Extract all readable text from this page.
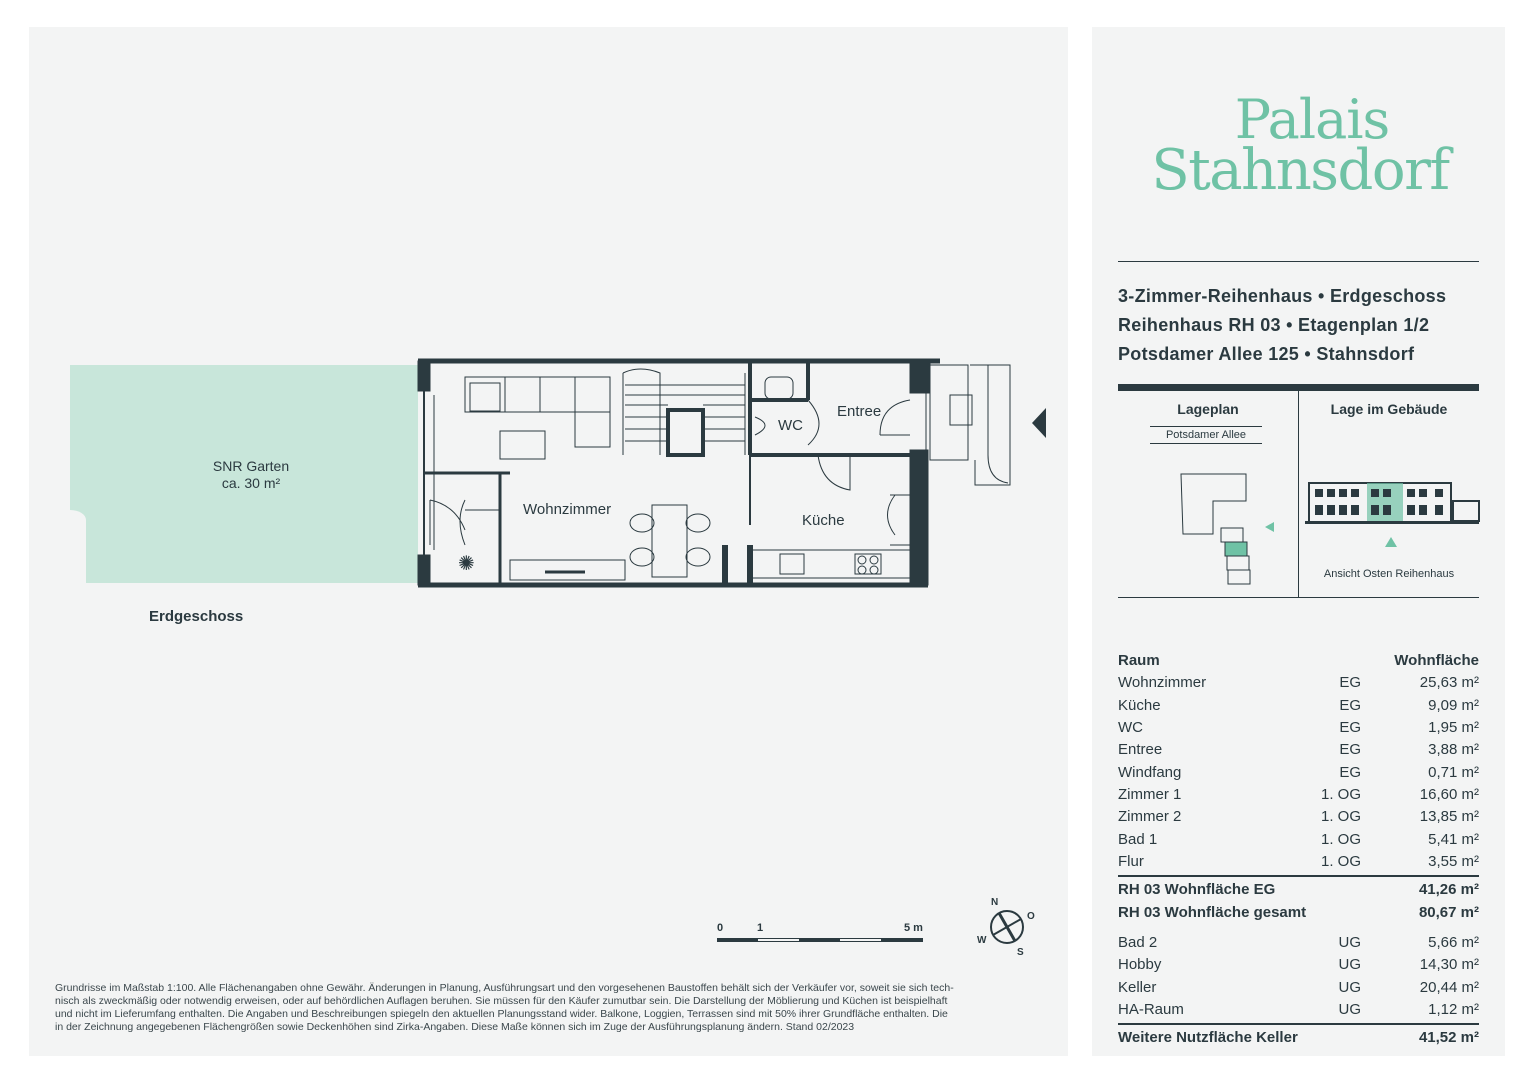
SNR Garten
ca. 30 m²
✺
Wohnzimmer
Küche
WC
Entree
Erdgeschoss
0	1	5 m
N
O
S
W
Grundrisse im Maßstab 1:100. Alle Flächenangaben ohne Gewähr. Änderungen in Planung, Ausführungsart und den vorgesehenen Baustoffen behält sich der Verkäufer vor, soweit sie sich tech-
nisch als zweckmäßig oder notwendig erweisen, oder auf behördlichen Auflagen beruhen. Sie müssen für den Käufer zumutbar sein. Die Darstellung der Möblierung und Küchen ist beispielhaft
und nicht im Lieferumfang enthalten. Die Angaben und Beschreibungen spiegeln den aktuellen Planungsstand wider. Balkone, Loggien, Terrassen sind mit 50% ihrer Grundfläche enthalten. Die
in der Zeichnung angegebenen Flächengrößen sowie Deckenhöhen sind Zirka-Angaben. Diese Maße können sich im Zuge der Ausführungsplanung ändern. Stand 02/2023
Palais
Stahnsdorf
3-Zimmer-Reihenhaus • Erdgeschoss
Reihenhaus RH 03 • Etagenplan 1/2
Potsdamer Allee 125 • Stahnsdorf
Lageplan
Potsdamer Allee
Lage im Gebäude
Ansicht Osten Reihenhaus
Raum	Wohnfläche
Wohnzimmer	EG	25,63 m²
Küche	EG	9,09 m²
WC	EG	1,95 m²
Entree	EG	3,88 m²
Windfang	EG	0,71 m²
Zimmer 1	1. OG	16,60 m²
Zimmer 2	1. OG	13,85 m²
Bad 1	1. OG	5,41 m²
Flur	1. OG	3,55 m²
RH 03 Wohnfläche EG	41,26 m²
RH 03 Wohnfläche gesamt	80,67 m²
Bad 2	UG	5,66 m²
Hobby	UG	14,30 m²
Keller	UG	20,44 m²
HA-Raum	UG	1,12 m²
Weitere Nutzfläche Keller	41,52 m²
